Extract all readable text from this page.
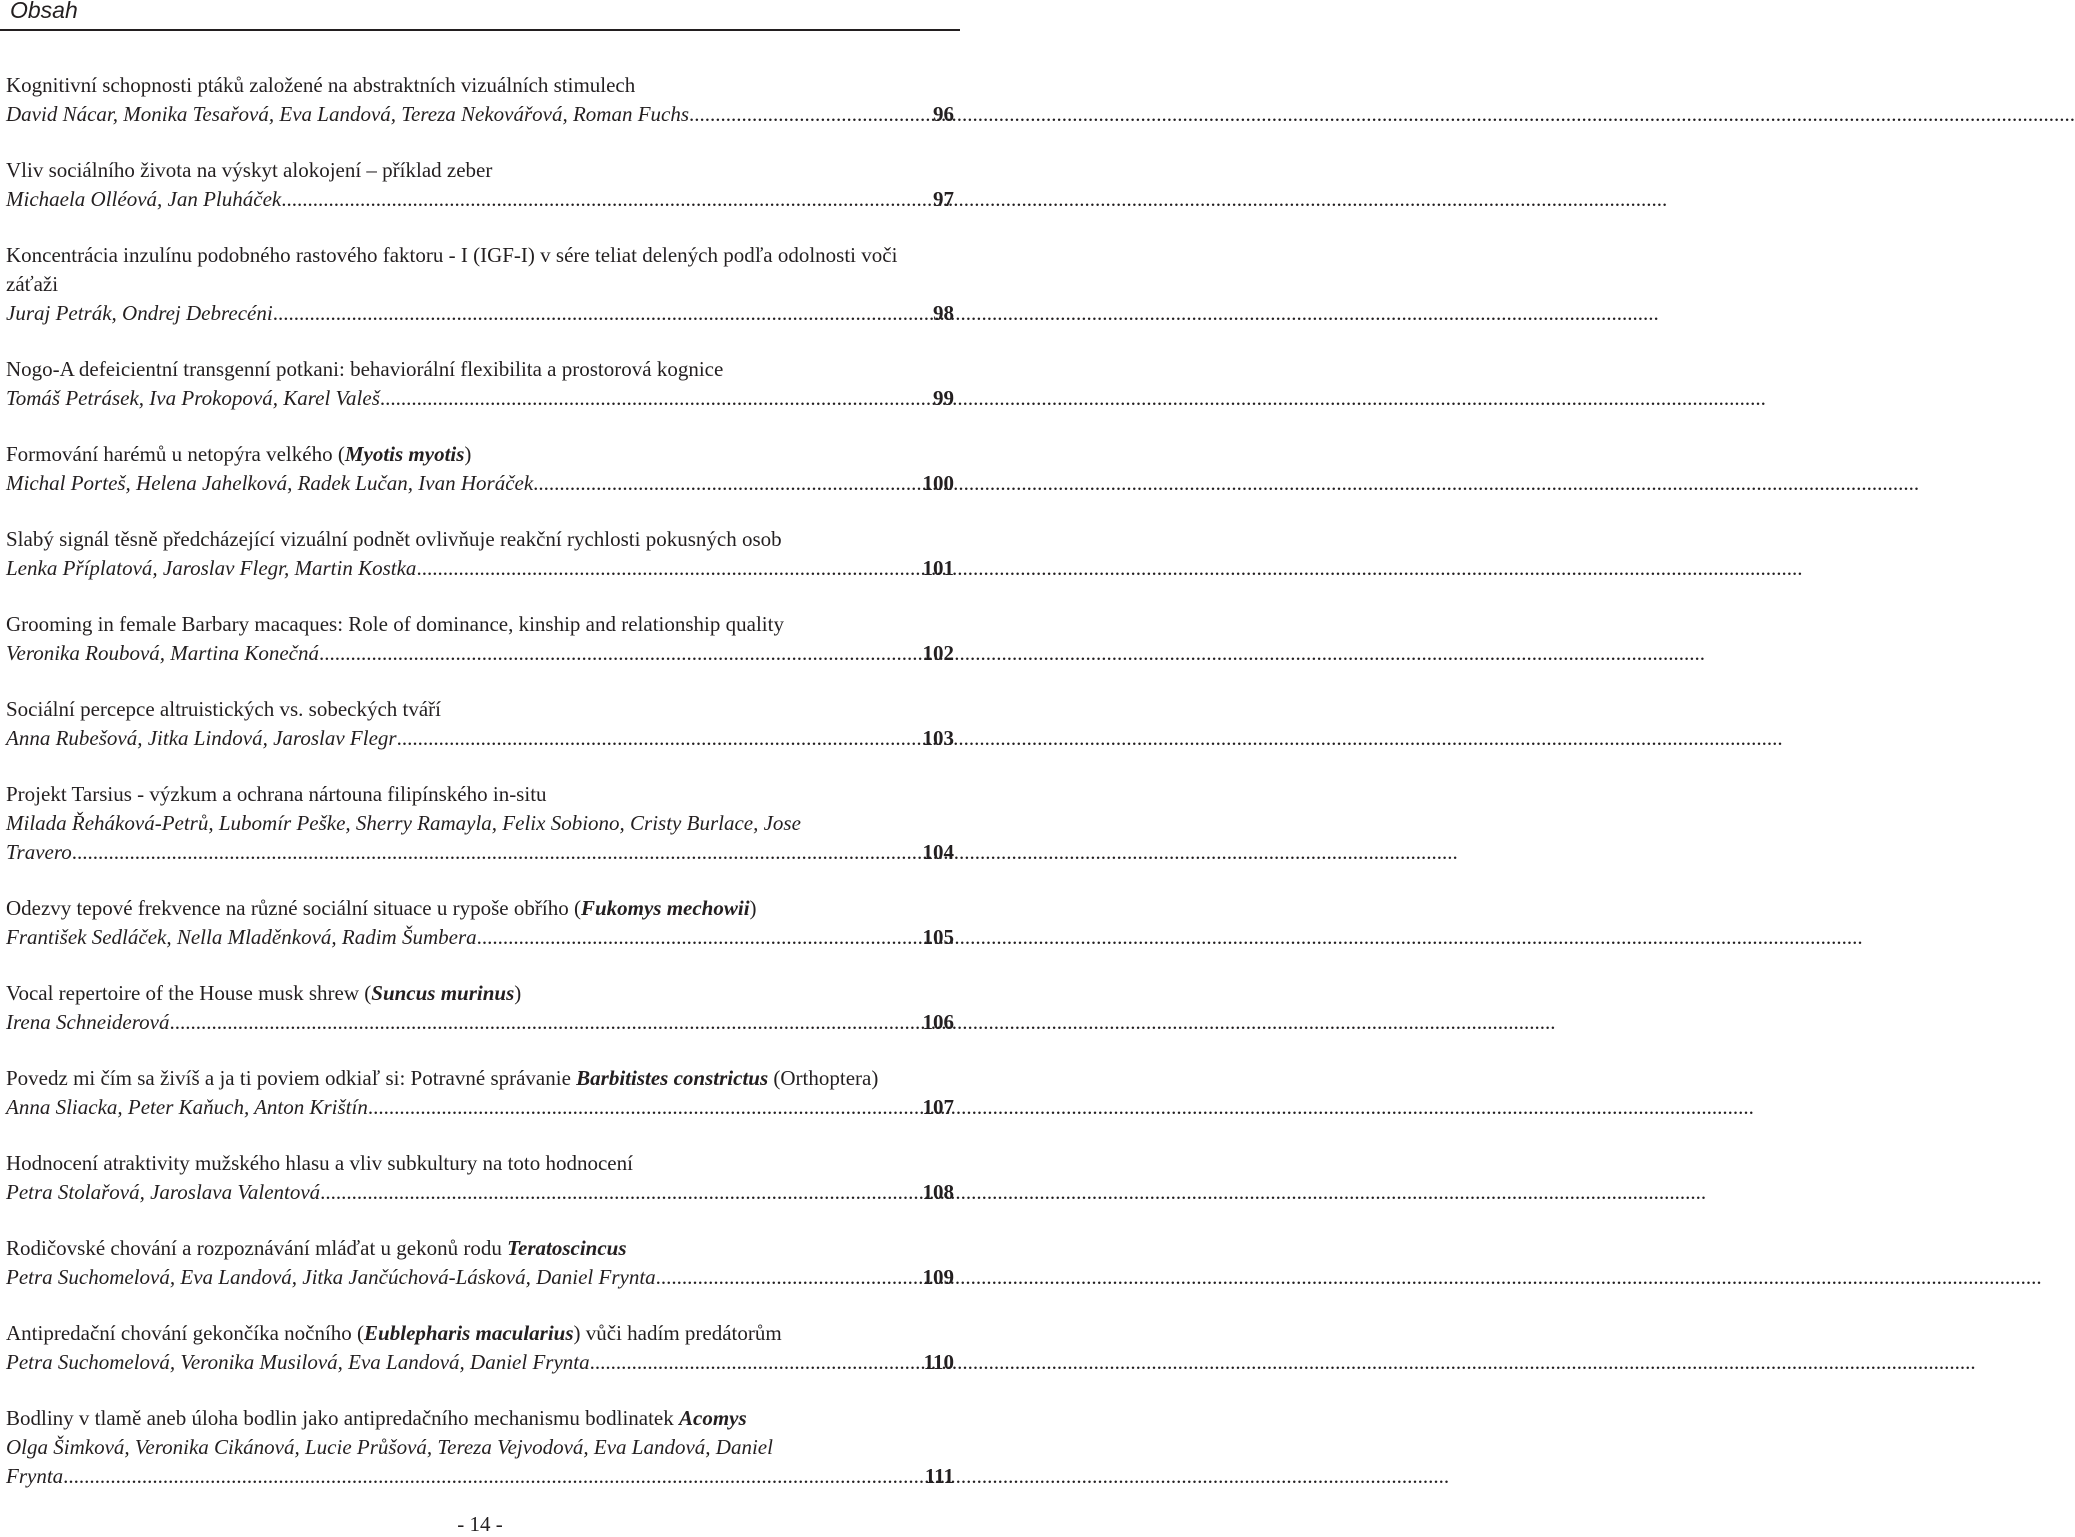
Obsah
Kognitivní schopnosti ptáků založené na abstraktních vizuálních stimulech
David Nácar, Monika Tesařová, Eva Landová, Tereza Nekovářová, Roman Fuchs .....	96
Vliv sociálního života na výskyt alokojení – příklad zeber
Michaela Olléová, Jan Pluháček .....	97
Koncentrácia inzulínu podobného rastového faktoru - I (IGF-I) v sére teliat delených podľa odolnosti voči záťaži
Juraj Petrák, Ondrej Debrecéni .....	98
Nogo-A defeicientní transgenní potkani: behaviorální flexibilita a prostorová kognice
Tomáš Petrásek, Iva Prokopová, Karel Valeš .....	99
Formování harémů u netopýra velkého (Myotis myotis)
Michal Porteš, Helena Jahelková, Radek Lučan, Ivan Horáček .....	100
Slabý signál těsně předcházející vizuální podnět ovlivňuje reakční rychlosti pokusných osob
Lenka Příplatová, Jaroslav Flegr, Martin Kostka .....	101
Grooming in female Barbary macaques: Role of dominance, kinship and relationship quality
Veronika Roubová, Martina Konečná .....	102
Sociální percepce altruistických vs. sobeckých tváří
Anna Rubešová, Jitka Lindová, Jaroslav Flegr .....	103
Projekt Tarsius - výzkum a ochrana nártouna filipínského in-situ
Milada Řeháková-Petrů, Lubomír Peške, Sherry Ramayla, Felix Sobiono, Cristy Burlace, Jose
Travero .....	104
Odezvy tepové frekvence na různé sociální situace u rypoše obřího (Fukomys mechowii)
František Sedláček, Nella Mladěnková, Radim Šumbera .....	105
Vocal repertoire of the House musk shrew (Suncus murinus)
Irena Schneiderová .....	106
Povedz mi čím sa živíš a ja ti poviem odkiaľ si: Potravné správanie Barbitistes constrictus (Orthoptera)
Anna Sliacka, Peter Kaňuch, Anton Krištín .....	107
Hodnocení atraktivity mužského hlasu a vliv subkultury na toto hodnocení
Petra Stolařová, Jaroslava Valentová .....	108
Rodičovské chování a rozpoznávání mláďat u gekonů rodu Teratoscincus
Petra Suchomelová, Eva Landová, Jitka Jančúchová-Lásková, Daniel Frynta .....	109
Antipredační chování gekončíka nočního (Eublepharis macularius) vůči hadím predátorům
Petra Suchomelová, Veronika Musilová, Eva Landová, Daniel Frynta .....	110
Bodliny v tlamě aneb úloha bodlin jako antipredačního mechanismu bodlinatek Acomys
Olga Šimková, Veronika Cikánová, Lucie Průšová, Tereza Vejvodová, Eva Landová, Daniel
Frynta .....	111
- 14 -
